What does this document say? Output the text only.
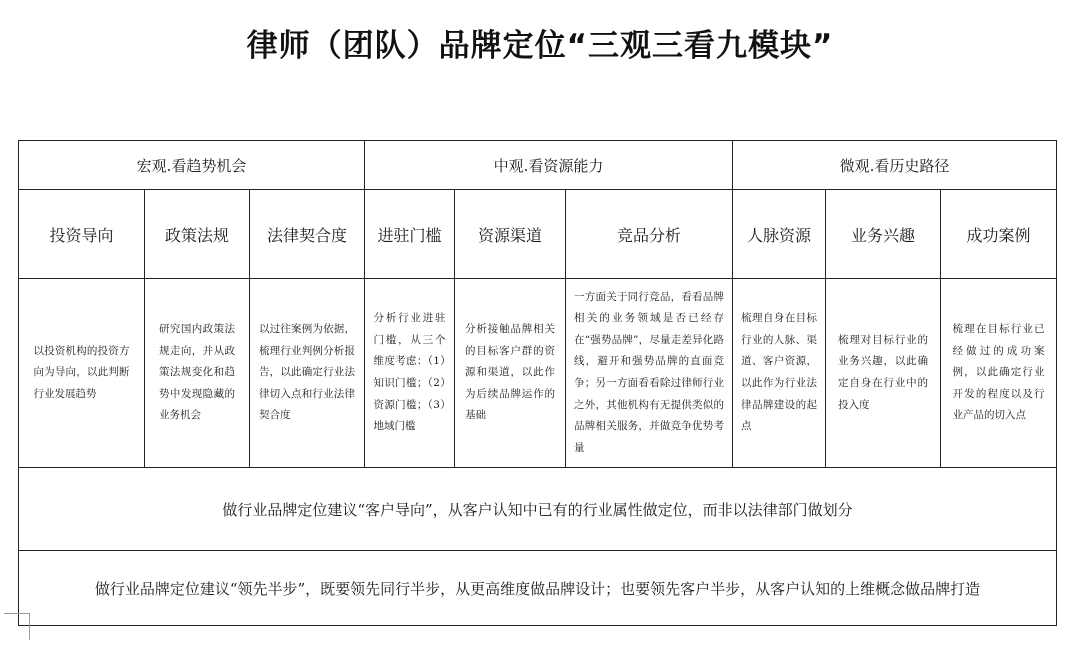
律师（团队）品牌定位“三观三看九模块”
宏观.看趋势机会			中观.看资源能力			微观.看历史路径		
投资导向	政策法规	法律契合度	进驻门槛	资源渠道	竞品分析	人脉资源	业务兴趣	成功案例

以投资机构的投资方向为导向，以此判断行业发展趋势	研究国内政策法规走向，并从政策法规变化和趋势中发现隐藏的业务机会	以过往案例为依据，梳理行业判例分析报告，以此确定行业法律切入点和行业法律契合度	分析行业进驻门槛，从三个维度考虑：（1）知识门槛；（2）资源门槛；（3）地域门槛	分析接触品牌相关的目标客户群的资源和渠道，以此作为后续品牌运作的基础	一方面关于同行竞品，看看品牌相关的业务领域是否已经存在“强势品牌”，尽量走差异化路线，避开和强势品牌的直面竞争；另一方面看看除过律师行业之外，其他机构有无提供类似的品牌相关服务，并做竞争优势考量	梳理自身在目标行业的人脉、渠道、客户资源，以此作为行业法律品牌建设的起点	梳理对目标行业的业务兴趣，以此确定自身在行业中的投入度	梳理在目标行业已经做过的成功案例，以此确定行业开发的程度以及行业产品的切入点

做行业品牌定位建议“客户导向”，从客户认知中已有的行业属性做定位，而非以法律部门做划分								
做行业品牌定位建议“领先半步”，既要领先同行半步，从更高维度做品牌设计；也要领先客户半步，从客户认知的上维概念做品牌打造								
